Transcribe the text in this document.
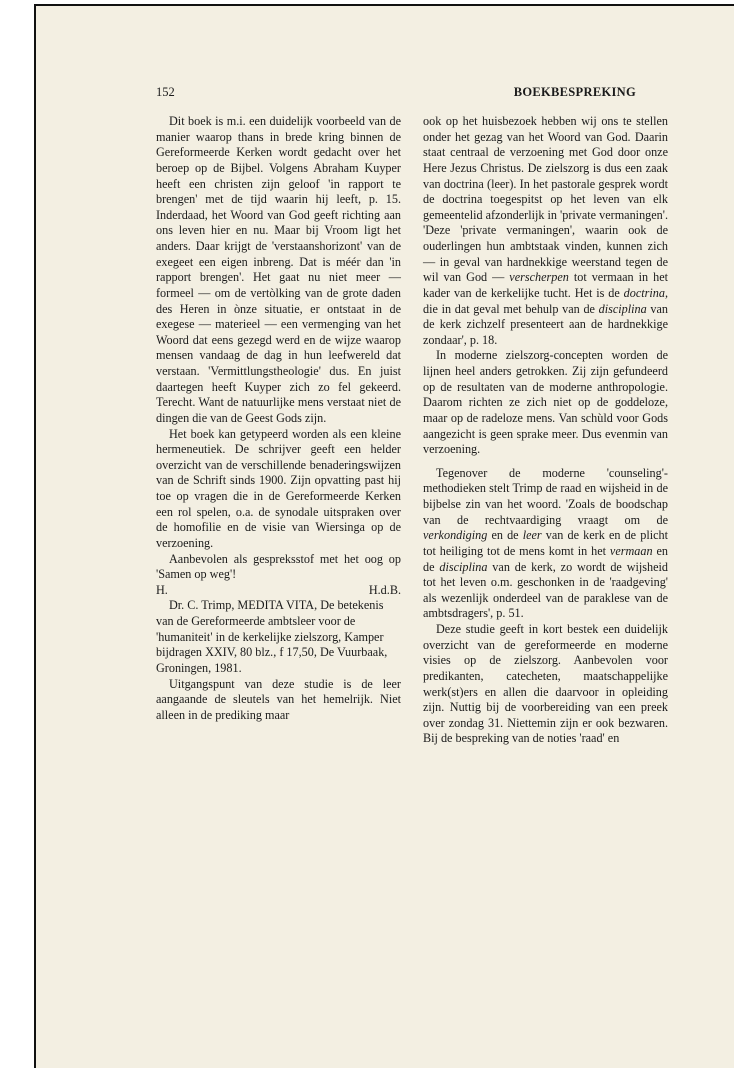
152	BOEKBESPREKING

Dit boek is m.i. een duidelijk voorbeeld van de manier waarop thans in brede kring binnen de Gereformeerde Kerken wordt gedacht over het beroep op de Bijbel. Volgens Abraham Kuyper heeft een christen zijn geloof 'in rapport te brengen' met de tijd waarin hij leeft, p. 15. Inderdaad, het Woord van God geeft richting aan ons leven hier en nu. Maar bij Vroom ligt het anders. Daar krijgt de 'verstaanshorizont' van de exegeet een eigen inbreng. Dat is méér dan 'in rapport brengen'. Het gaat nu niet meer — formeel — om de vertòlking van de grote daden des Heren in ònze situatie, er ontstaat in de exegese — materieel — een vermenging van het Woord dat eens gezegd werd en de wijze waarop mensen vandaag de dag in hun leefwereld dat verstaan. 'Vermittlungstheologie' dus. En juist daartegen heeft Kuyper zich zo fel gekeerd. Terecht. Want de natuurlijke mens verstaat niet de dingen die van de Geest Gods zijn.

Het boek kan getypeerd worden als een kleine hermeneutiek. De schrijver geeft een helder overzicht van de verschillende benaderingswijzen van de Schrift sinds 1900. Zijn opvatting past hij toe op vragen die in de Gereformeerde Kerken een rol spelen, o.a. de synodale uitspraken over de homofilie en de visie van Wiersinga op de verzoening.

Aanbevolen als gespreksstof met het oog op 'Samen op weg'!

H.	H.d.B.

Dr. C. Trimp, MEDITA VITA, De betekenis van de Gereformeerde ambtsleer voor de 'humaniteit' in de kerkelijke zielszorg, Kamper bijdragen XXIV, 80 blz., f 17,50, De Vuurbaak, Groningen, 1981.

Uitgangspunt van deze studie is de leer aangaande de sleutels van het hemelrijk. Niet alleen in de prediking maar

ook op het huisbezoek hebben wij ons te stellen onder het gezag van het Woord van God. Daarin staat centraal de verzoening met God door onze Here Jezus Christus. De zielszorg is dus een zaak van doctrina (leer). In het pastorale gesprek wordt de doctrina toegespitst op het leven van elk gemeentelid afzonderlijk in 'private vermaningen'. 'Deze 'private vermaningen', waarin ook de ouderlingen hun ambtstaak vinden, kunnen zich — in geval van hardnekkige weerstand tegen de wil van God — verscherpen tot vermaan in het kader van de kerkelijke tucht. Het is de doctrina, die in dat geval met behulp van de disciplina van de kerk zichzelf presenteert aan de hardnekkige zondaar', p. 18.

In moderne zielszorg-concepten worden de lijnen heel anders getrokken. Zij zijn gefundeerd op de resultaten van de moderne anthropologie. Daarom richten ze zich niet op de goddeloze, maar op de radeloze mens. Van schùld voor Gods aangezicht is geen sprake meer. Dus evenmin van verzoening.

Tegenover de moderne 'counseling'-methodieken stelt Trimp de raad en wijsheid in de bijbelse zin van het woord. 'Zoals de boodschap van de rechtvaardiging vraagt om de verkondiging en de leer van de kerk en de plicht tot heiliging tot de mens komt in het vermaan en de disciplina van de kerk, zo wordt de wijsheid tot het leven o.m. geschonken in de 'raadgeving' als wezenlijk onderdeel van de paraklese van de ambtsdragers', p. 51.

Deze studie geeft in kort bestek een duidelijk overzicht van de gereformeerde en moderne visies op de zielszorg. Aanbevolen voor predikanten, catecheten, maatschappelijke werk(st)ers en allen die daarvoor in opleiding zijn. Nuttig bij de voorbereiding van een preek over zondag 31. Niettemin zijn er ook bezwaren. Bij de bespreking van de noties 'raad' en
